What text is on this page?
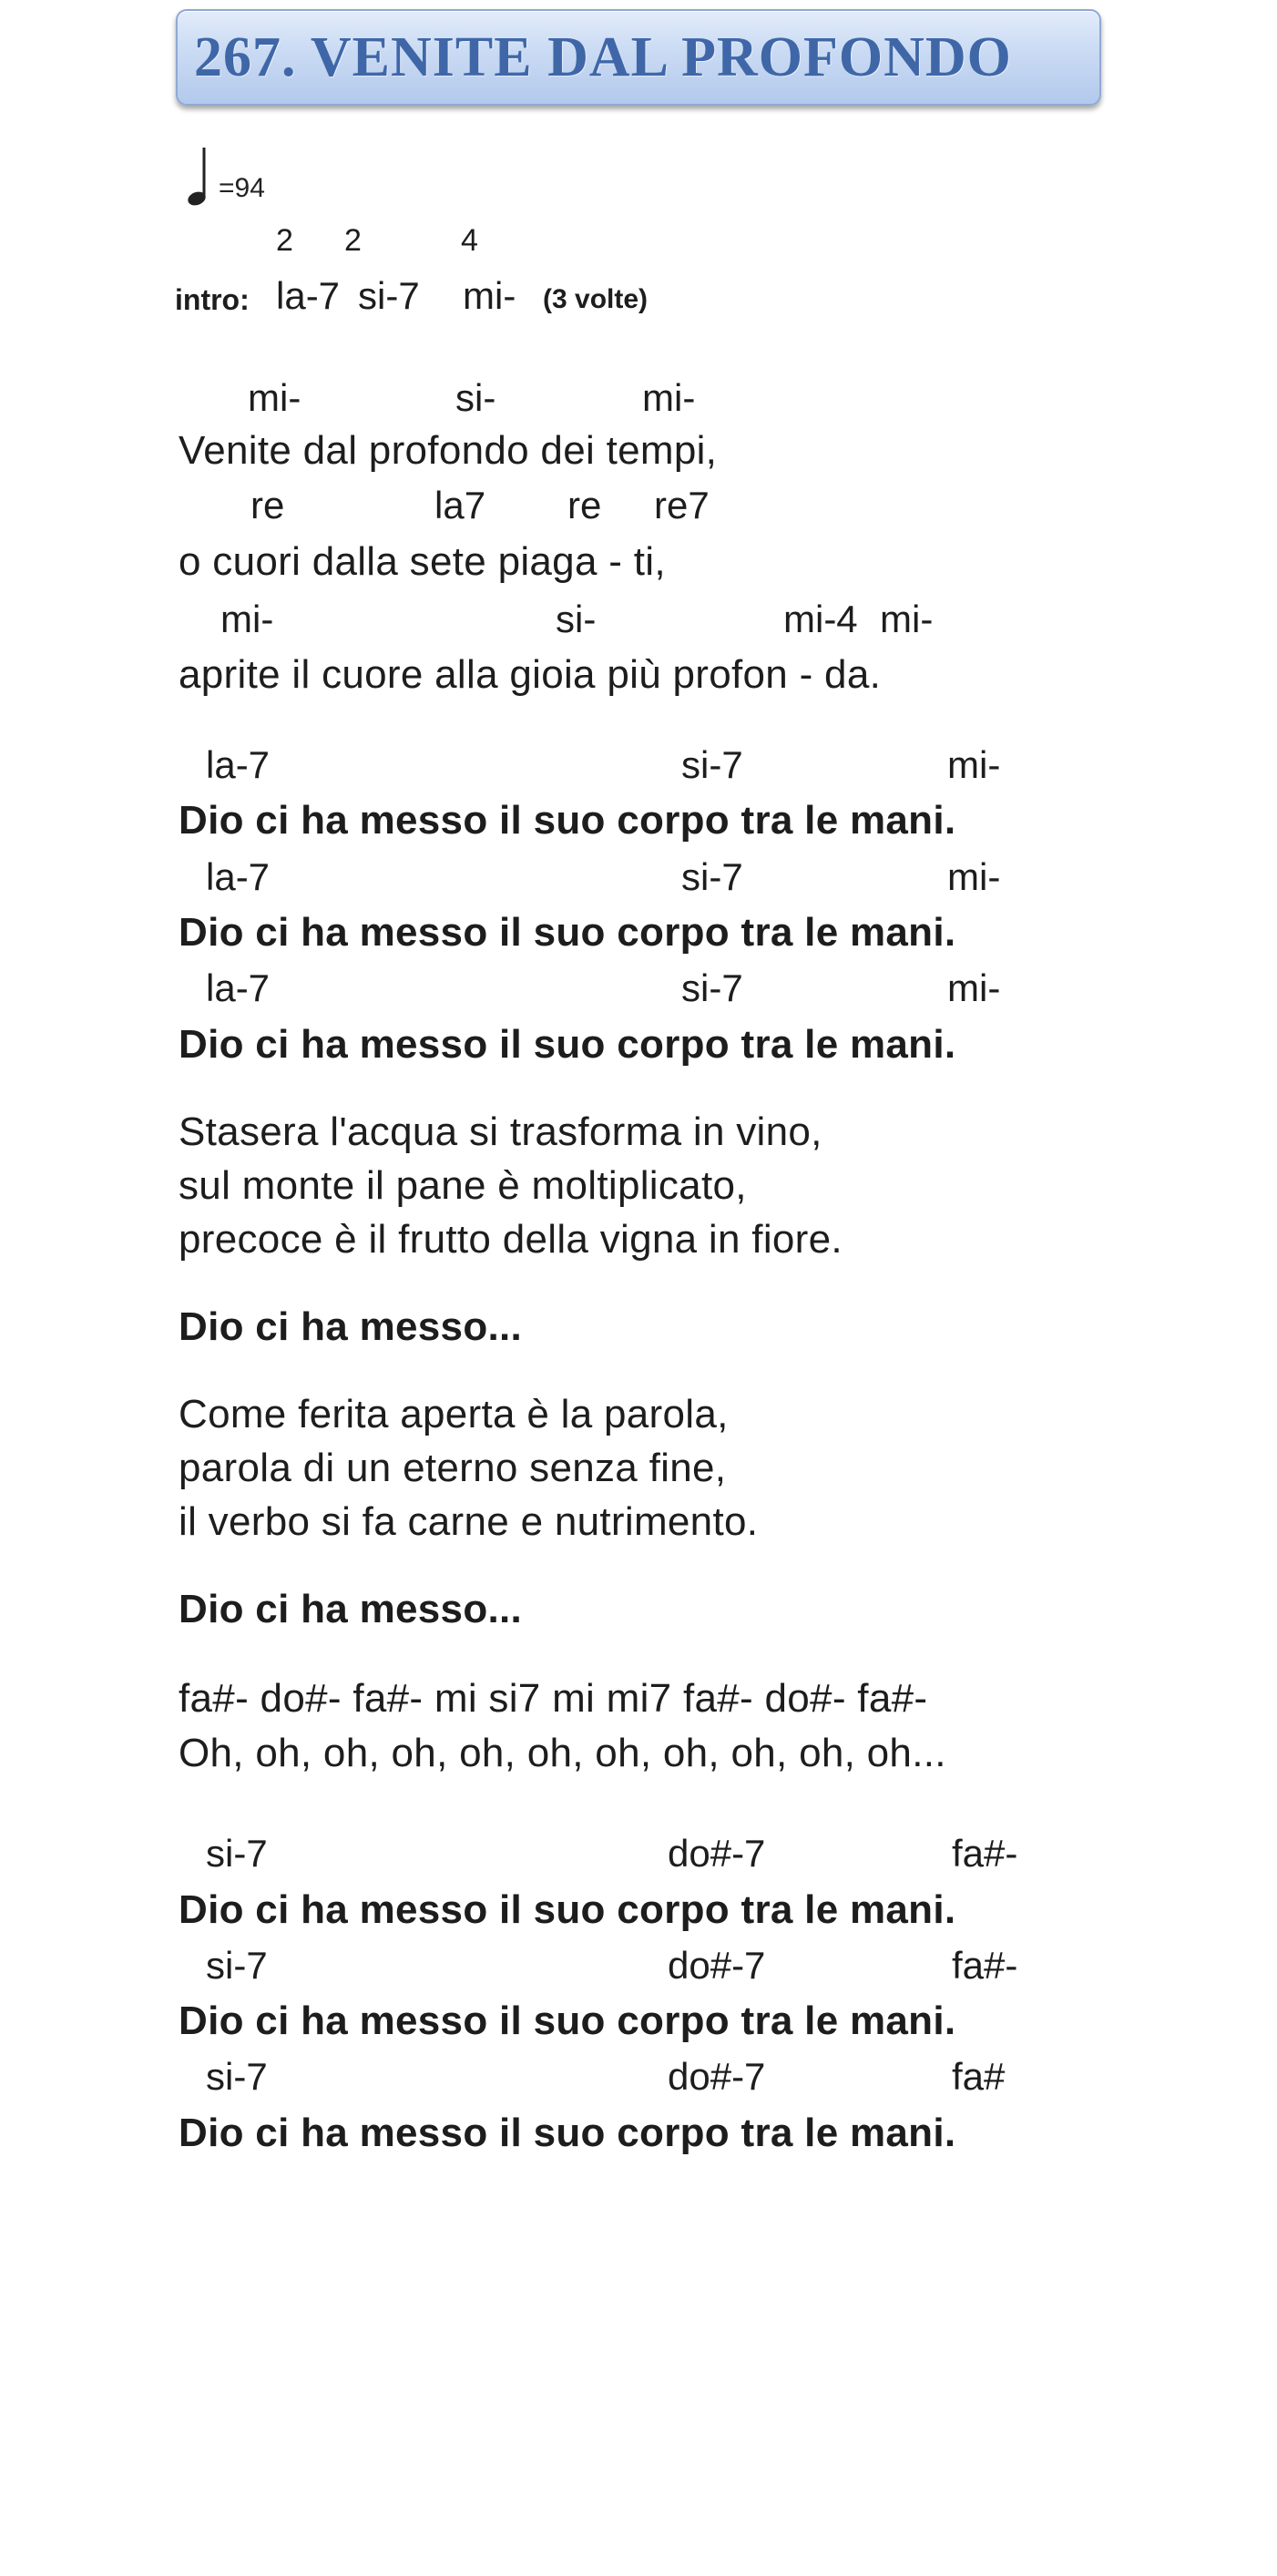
267. VENITE DAL PROFONDO
=94
2 2	4
intro: la-7 si-7 mi- (3 volte)
mi-	si-	mi-
Venite dal profondo dei tempi,
re	la7 re re7
o cuori dalla sete piaga - ti,
mi-	si-	mi-4 mi-
aprite il cuore alla gioia più profon - da.
la-7	si-7	mi-
Dio ci ha messo il suo corpo tra le mani.
la-7	si-7	mi-
Dio ci ha messo il suo corpo tra le mani.
la-7	si-7	mi-
Dio ci ha messo il suo corpo tra le mani.
Stasera l'acqua si trasforma in vino,
sul monte il pane è moltiplicato,
precoce è il frutto della vigna in fiore.
Dio ci ha messo...
Come ferita aperta è la parola,
parola di un eterno senza fine,
il verbo si fa carne e nutrimento.
Dio ci ha messo...
fa#- do#- fa#- mi si7 mi mi7 fa#- do#- fa#-
Oh, oh, oh, oh, oh, oh, oh, oh, oh, oh, oh...
si-7	do#-7	fa#-
Dio ci ha messo il suo corpo tra le mani.
si-7	do#-7	fa#-
Dio ci ha messo il suo corpo tra le mani.
si-7	do#-7	fa#
Dio ci ha messo il suo corpo tra le mani.
